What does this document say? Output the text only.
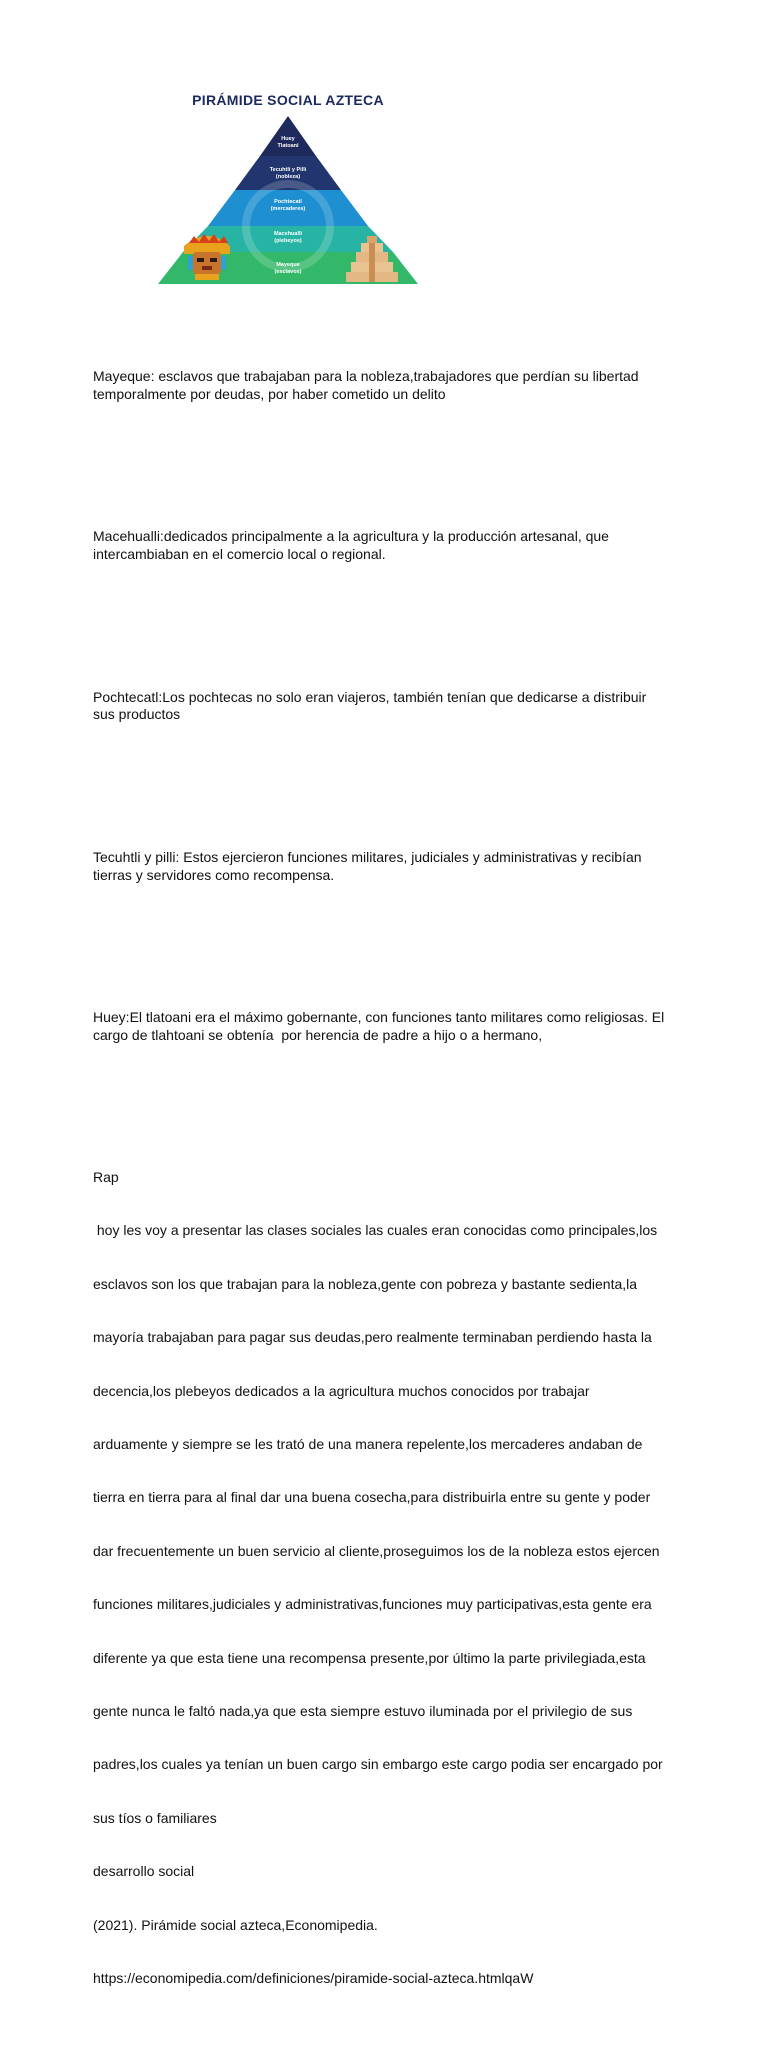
Huey
Tlatoani
Tecuhtli y Pilli
(nobleza)
Pochtecatl
(mercaderes)
Macehualli
(plebeyos)
Mayeque
(esclavos)
PIRÁMIDE SOCIAL AZTECA

Mayeque: esclavos que trabajaban para la nobleza,trabajadores que perdían su libertad
temporalmente por deudas, por haber cometido un delito

Macehualli:dedicados principalmente a la agricultura y la producción artesanal, que
intercambiaban en el comercio local o regional.

Pochtecatl:Los pochtecas no solo eran viajeros, también tenían que dedicarse a distribuir
sus productos

Tecuhtli y pilli: Estos ejercieron funciones militares, judiciales y administrativas y recibían
tierras y servidores como recompensa.

Huey:El tlatoani era el máximo gobernante, con funciones tanto militares como religiosas. El
cargo de tlahtoani se obtenía  por herencia de padre a hijo o a hermano,

Rap

hoy les voy a presentar las clases sociales las cuales eran conocidas como principales,los

esclavos son los que trabajan para la nobleza,gente con pobreza y bastante sedienta,la

mayoría trabajaban para pagar sus deudas,pero realmente terminaban perdiendo hasta la

decencia,los plebeyos dedicados a la agricultura muchos conocidos por trabajar

arduamente y siempre se les trató de una manera repelente,los mercaderes andaban de

tierra en tierra para al final dar una buena cosecha,para distribuirla entre su gente y poder

dar frecuentemente un buen servicio al cliente,proseguimos los de la nobleza estos ejercen

funciones militares,judiciales y administrativas,funciones muy participativas,esta gente era

diferente ya que esta tiene una recompensa presente,por último la parte privilegiada,esta

gente nunca le faltó nada,ya que esta siempre estuvo iluminada por el privilegio de sus

padres,los cuales ya tenían un buen cargo sin embargo este cargo podia ser encargado por

sus tíos o familiares

desarrollo social

(2021). Pirámide social azteca,Economipedia.

https://economipedia.com/definiciones/piramide-social-azteca.htmlqaW
